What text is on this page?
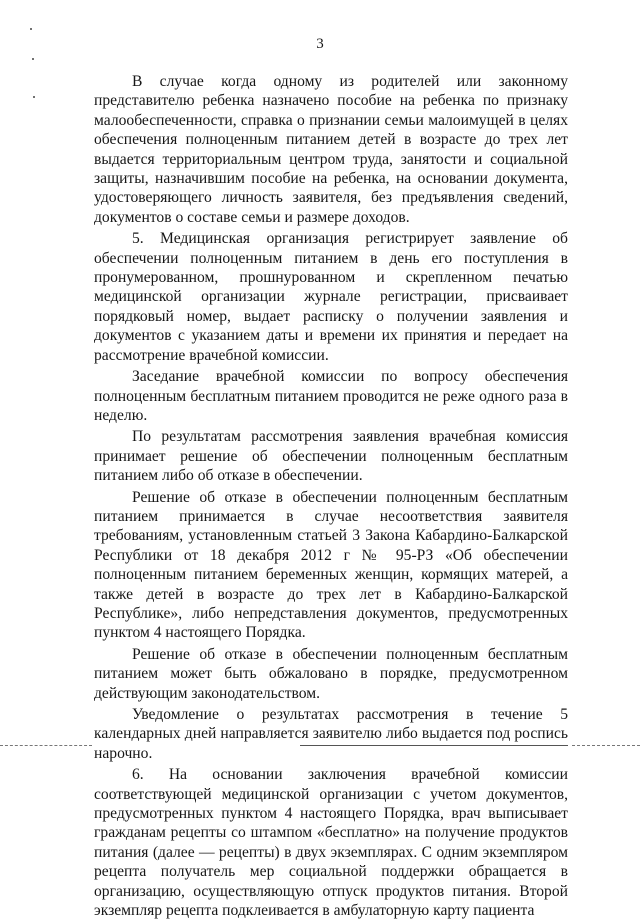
3

В случае когда одному из родителей или законному представителю ребенка назначено пособие на ребенка по признаку малообеспеченности, справка о признании семьи малоимущей в целях обеспечения полноценным питанием детей в возрасте до трех лет выдается территориальным центром труда, занятости и социальной защиты, назначившим пособие на ребенка, на основании документа, удостоверяющего личность заявителя, без предъявления сведений, документов о составе семьи и размере доходов.

5. Медицинская организация регистрирует заявление об обеспечении полноценным питанием в день его поступления в пронумерованном, прошнурованном и скрепленном печатью медицинской организации журнале регистрации, присваивает порядковый номер, выдает расписку о получении заявления и документов с указанием даты и времени их принятия и передает на рассмотрение врачебной комиссии.

Заседание врачебной комиссии по вопросу обеспечения полноценным бесплатным питанием проводится не реже одного раза в неделю.

По результатам рассмотрения заявления врачебная комиссия принимает решение об обеспечении полноценным бесплатным питанием либо об отказе в обеспечении.

Решение об отказе в обеспечении полноценным бесплатным питанием принимается в случае несоответствия заявителя требованиям, установленным статьей 3 Закона Кабардино-Балкарской Республики от 18 декабря 2012 г № 95-РЗ «Об обеспечении полноценным питанием беременных женщин, кормящих матерей, а также детей в возрасте до трех лет в Кабардино-Балкарской Республике», либо непредставления документов, предусмотренных пунктом 4 настоящего Порядка.

Решение об отказе в обеспечении полноценным бесплатным питанием может быть обжаловано в порядке, предусмотренном действующим законодательством.

Уведомление о результатах рассмотрения в течение 5 календарных дней направляется заявителю либо выдается под роспись нарочно.

6. На основании заключения врачебной комиссии соответствующей медицинской организации с учетом документов, предусмотренных пунктом 4 настоящего Порядка, врач выписывает гражданам рецепты со штампом «бесплатно» на получение продуктов питания (далее — рецепты) в двух экземплярах. С одним экземпляром рецепта получатель мер социальной поддержки обращается в организацию, осуществляющую отпуск продуктов питания. Второй экземпляр рецепта подклеивается в амбулаторную карту пациента
